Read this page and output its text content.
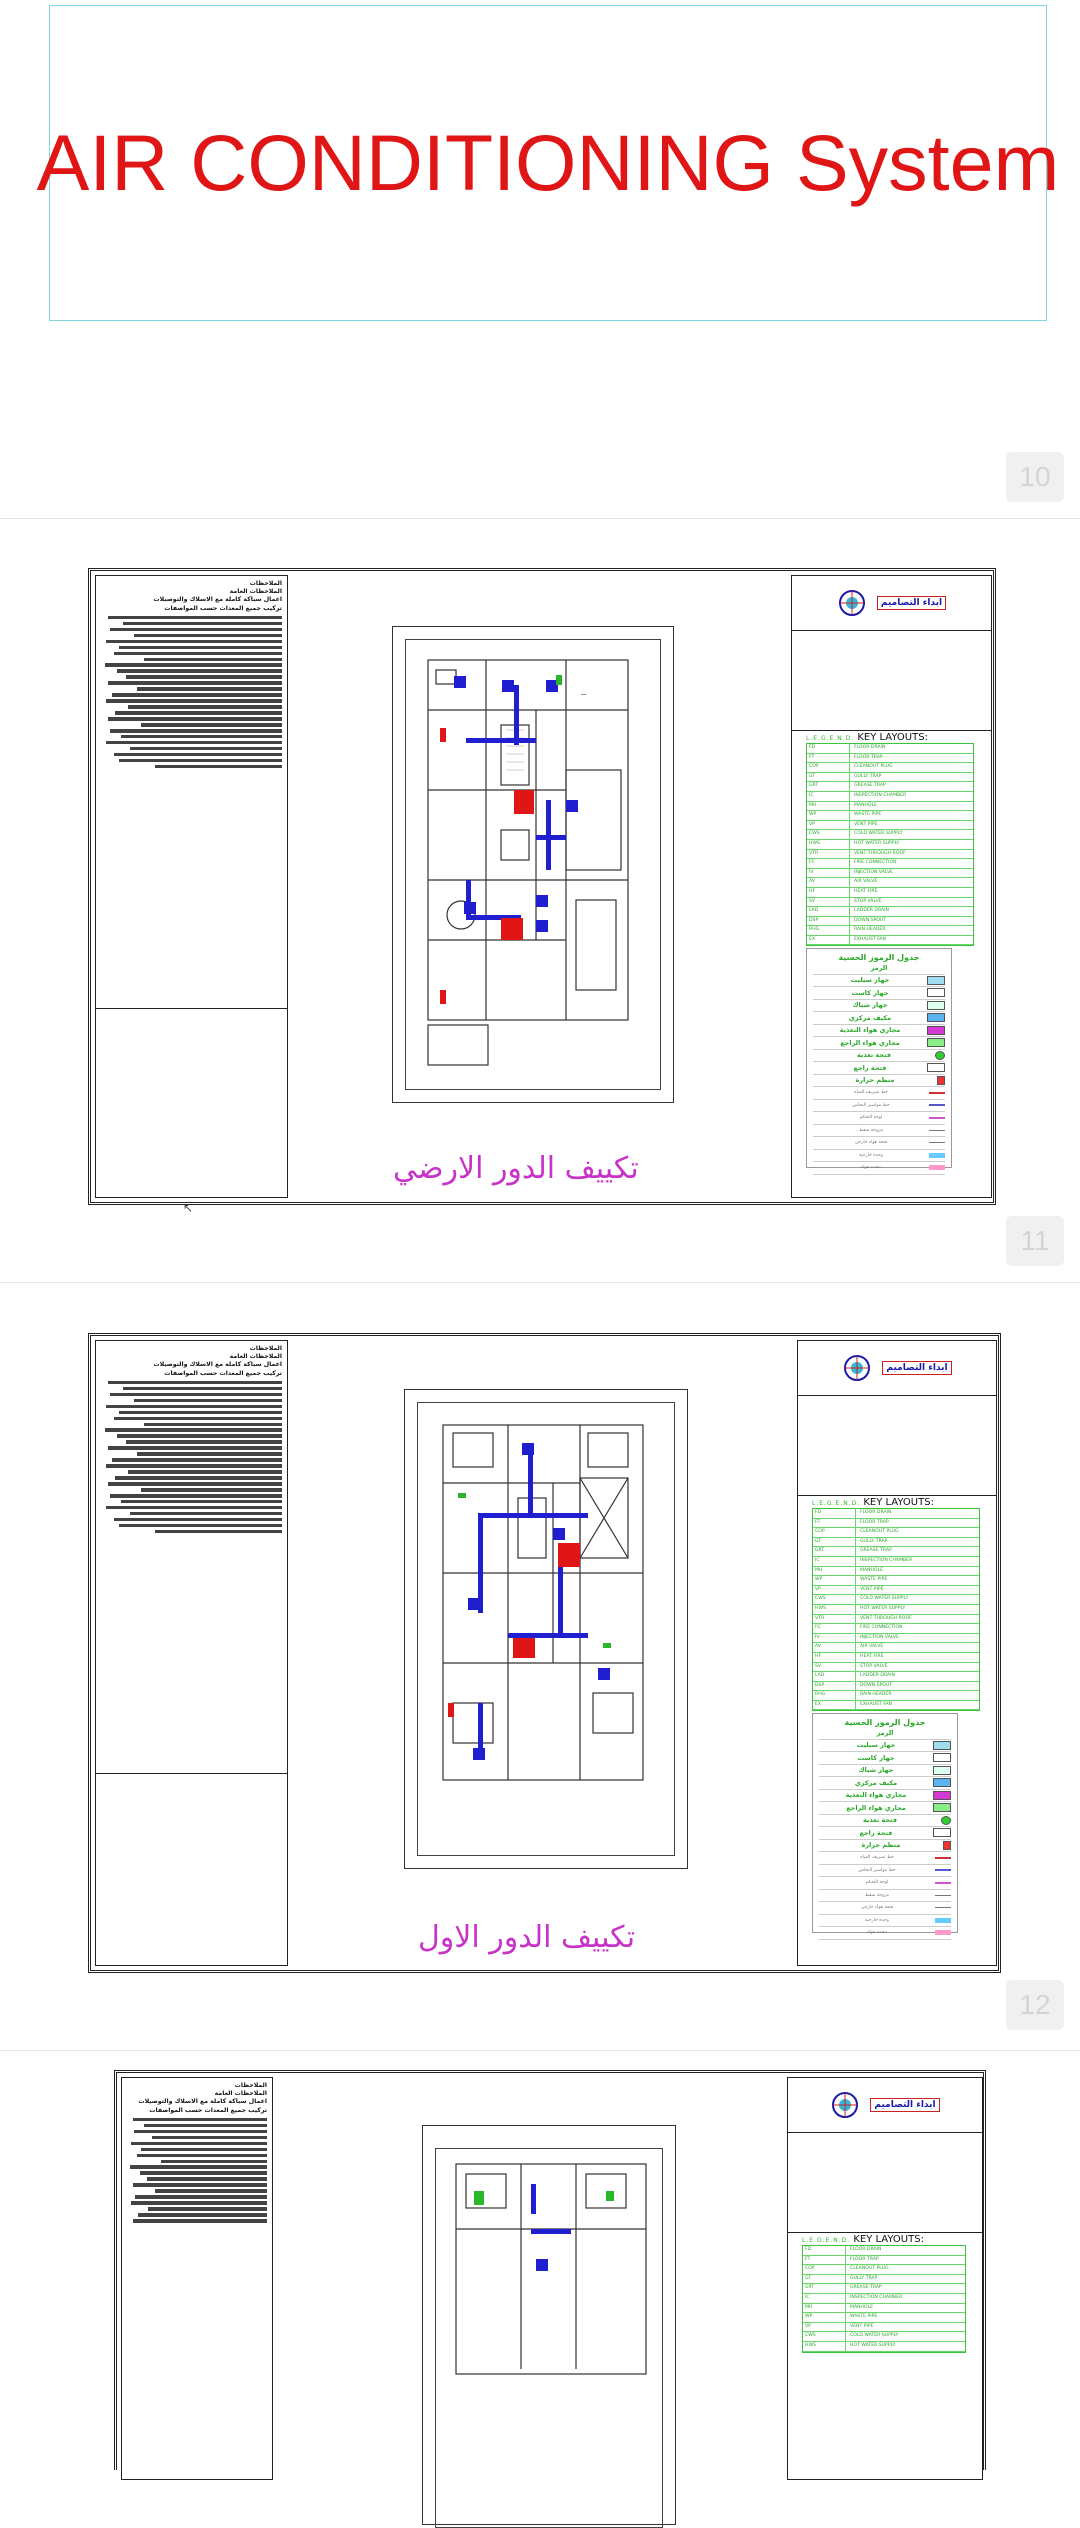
AIR CONDITIONING System
10
الملاحظات
الملاحظات العامة
اعمال سباكة كاملة مع الاسلاك والتوصيلات
تركيب جميع المعدات حسب المواصفات
ـــ
تكييف الدور الارضي
ابداء التصاميم
L.E.G.E.N.D. KEY LAYOUTS:
FD	FLOOR DRAIN
FT	FLOOR TRAP
COP	CLEANOUT PLUG
GT	GULLY TRAP
GRT	GREASE TRAP
IC	INSPECTION CHAMBER
MH	MANHOLE
WP	WASTE PIPE
VP	VENT PIPE
CWS	COLD WATER SUPPLY
HWS	HOT WATER SUPPLY
VTR	VENT THROUGH ROOF
FC	FIRE CONNECTION
IV	INJECTION VALVE
AV	AIR VALVE
HF	HEAT FIRE
SV	STOP VALVE
LAD	LADDER DRAIN
DSP	DOWN SPOUT
RHG	RAIN HEADER
EX	EXHAUST FAN
جدول الرموز الحسية
الرمز
جهاز سبليت
جهاز كاست
جهاز شباك
مكيف مركزي
مجاري هواء التغذية
مجاري هواء الراجع
فتحة تغذية
فتحة راجع
منظم حرارة
خط تصريف المياه
خط مواسير النحاس
لوحة التحكم
مروحة شفط
فتحة هواء خارجي
وحدة خارجية
مخمد هواء
↖
11
الملاحظات
الملاحظات العامة
اعمال سباكة كاملة مع الاسلاك والتوصيلات
تركيب جميع المعدات حسب المواصفات
تكييف الدور الاول
ابداء التصاميم
L.E.G.E.N.D. KEY LAYOUTS:
FD	FLOOR DRAIN
FT	FLOOR TRAP
COP	CLEANOUT PLUG
GT	GULLY TRAP
GRT	GREASE TRAP
IC	INSPECTION CHAMBER
MH	MANHOLE
WP	WASTE PIPE
VP	VENT PIPE
CWS	COLD WATER SUPPLY
HWS	HOT WATER SUPPLY
VTR	VENT THROUGH ROOF
FC	FIRE CONNECTION
IV	INJECTION VALVE
AV	AIR VALVE
HF	HEAT FIRE
SV	STOP VALVE
LAD	LADDER DRAIN
DSP	DOWN SPOUT
RHG	RAIN HEADER
EX	EXHAUST FAN
جدول الرموز الحسية
الرمز
جهاز سبليت
جهاز كاست
جهاز شباك
مكيف مركزي
مجاري هواء التغذية
مجاري هواء الراجع
فتحة تغذية
فتحة راجع
منظم حرارة
خط تصريف المياه
خط مواسير النحاس
لوحة التحكم
مروحة شفط
فتحة هواء خارجي
وحدة خارجية
مخمد هواء
12
الملاحظات
الملاحظات العامة
اعمال سباكة كاملة مع الاسلاك والتوصيلات
تركيب جميع المعدات حسب المواصفات
ابداء التصاميم
L.E.G.E.N.D. KEY LAYOUTS:
FD	FLOOR DRAIN
FT	FLOOR TRAP
COP	CLEANOUT PLUG
GT	GULLY TRAP
GRT	GREASE TRAP
IC	INSPECTION CHAMBER
MH	MANHOLE
WP	WASTE PIPE
VP	VENT PIPE
CWS	COLD WATER SUPPLY
HWS	HOT WATER SUPPLY
